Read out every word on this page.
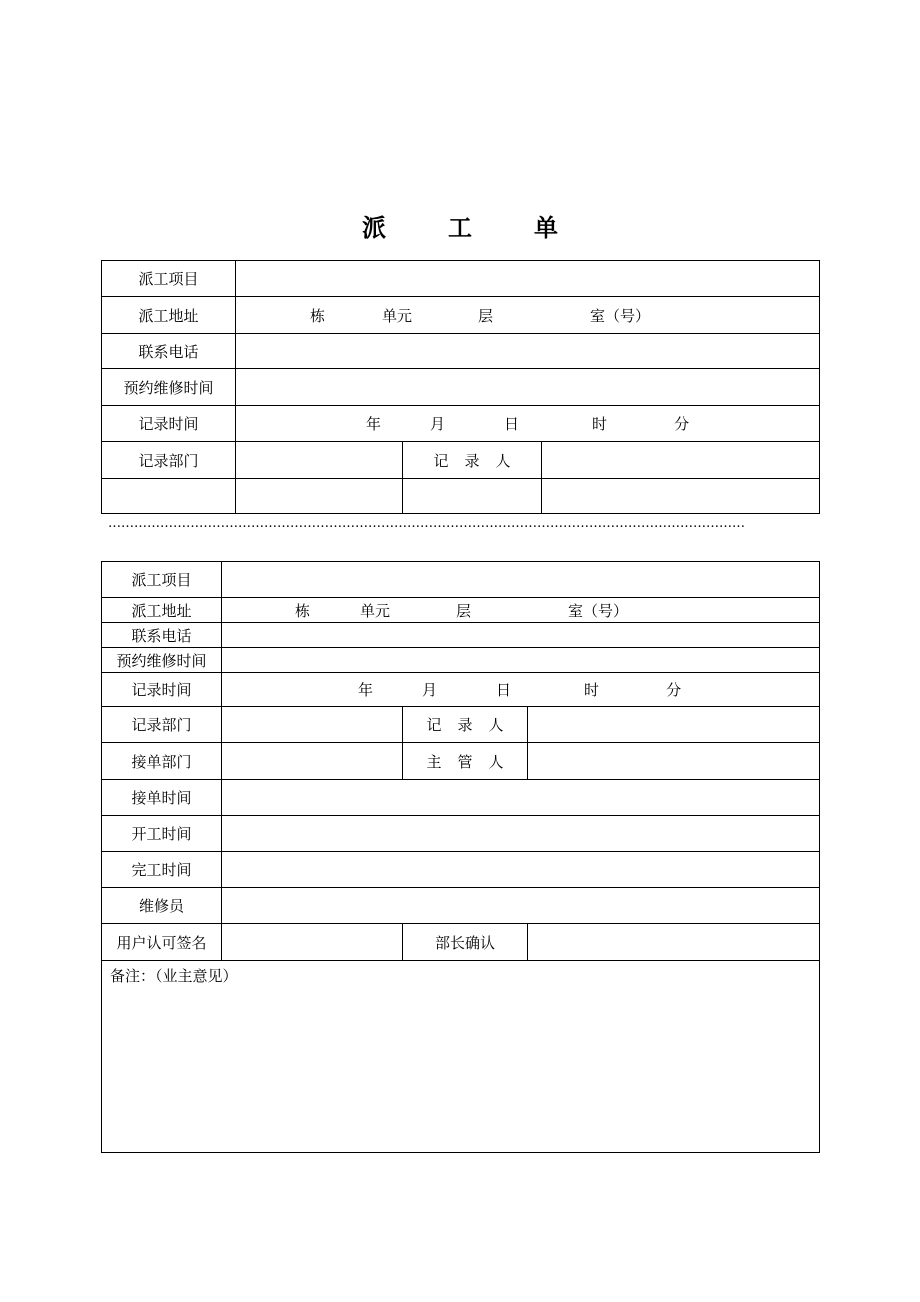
派	工	单
派工项目			
派工地址	栋 单元 层 室（号）		
联系电话			
预约维修时间			
记录时间	年 月 日 时 分		
记录部门		记 录 人	

…………………………………………………………………………………………………………………………………
派工项目			
派工地址	栋 单元 层 室（号）		
联系电话			
预约维修时间			
记录时间	年 月 日 时 分		
记录部门		记 录 人	
接单部门		主 管 人	
接单时间			
开工时间			
完工时间			
维修员			
用户认可签名		部长确认	
备注：（业主意见）			
